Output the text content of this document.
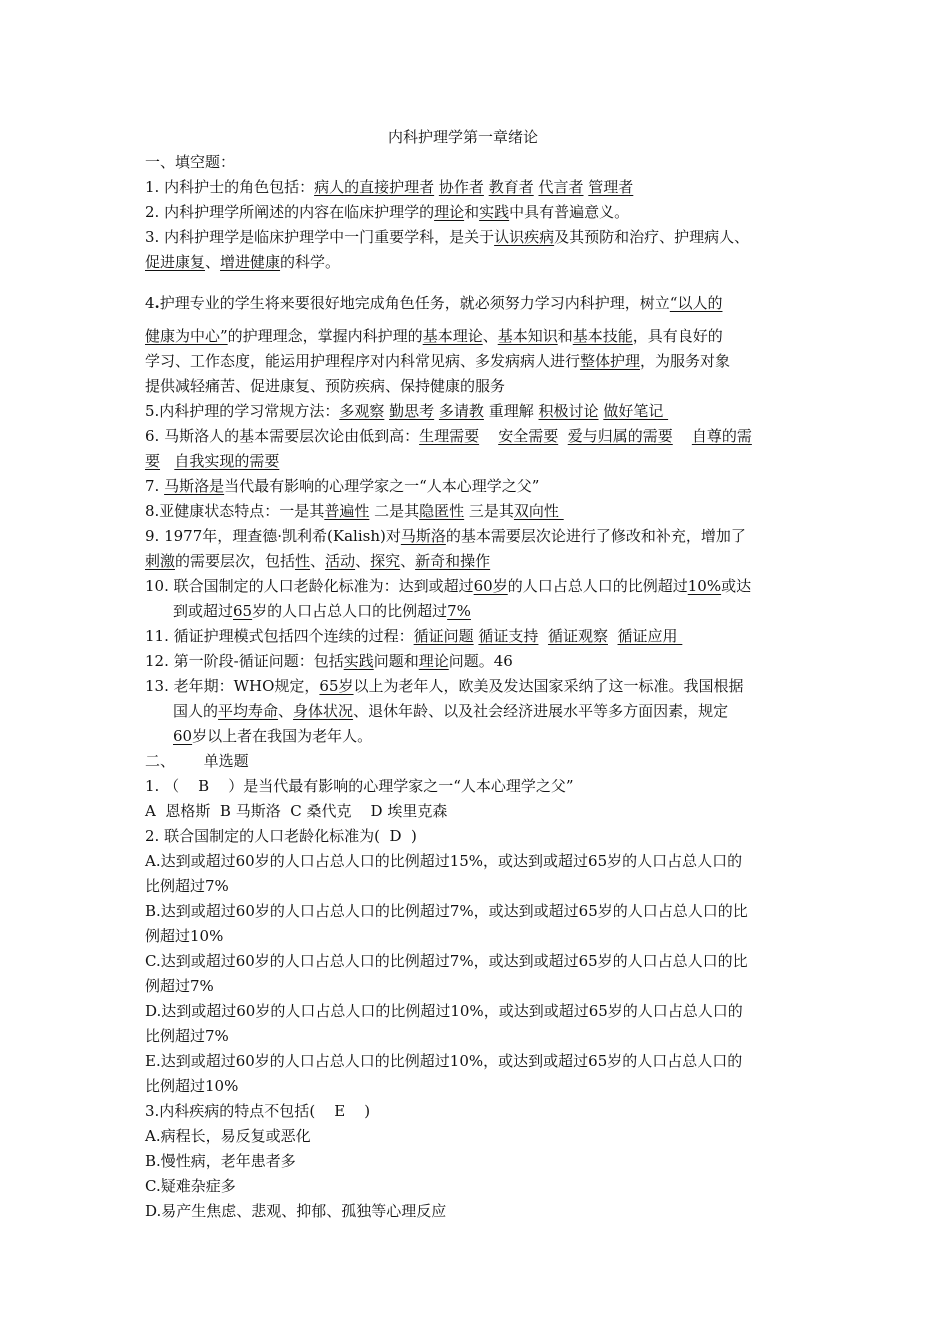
内科护理学第一章绪论
一、填空题：
1. 内科护士的角色包括：病人的直接护理者 协作者 教育者 代言者 管理者
2. 内科护理学所阐述的内容在临床护理学的理论和实践中具有普遍意义。
3. 内科护理学是临床护理学中一门重要学科，是关于认识疾病及其预防和治疗、护理病人、
促进康复、增进健康的科学。
4.护理专业的学生将来要很好地完成角色任务，就必须努力学习内科护理，树立“以人的
健康为中心”的护理理念，掌握内科护理的基本理论、基本知识和基本技能，具有良好的
学习、工作态度，能运用护理程序对内科常见病、多发病病人进行整体护理，为服务对象
提供减轻痛苦、促进康复、预防疾病、保持健康的服务
5.内科护理的学习常规方法：多观察 勤思考 多请教 重理解 积极讨论 做好笔记
6. 马斯洛人的基本需要层次论由低到高：生理需要 安全需要 爱与归属的需要 自尊的需
要 自我实现的需要
7. 马斯洛是当代最有影响的心理学家之一“人本心理学之父”
8.亚健康状态特点：一是其普遍性 二是其隐匿性 三是其双向性
9. 1977年，理查德·凯利希(Kalish)对马斯洛的基本需要层次论进行了修改和补充，增加了
刺激的需要层次，包括性、活动、探究、新奇和操作
10. 联合国制定的人口老龄化标准为：达到或超过60岁的人口占总人口的比例超过10%或达
到或超过65岁的人口占总人口的比例超过7%
11. 循证护理模式包括四个连续的过程：循证问题 循证支持 循证观察 循证应用
12. 第一阶段-循证问题：包括实践问题和理论问题。46
13. 老年期：WHO规定，65岁以上为老年人，欧美及发达国家采纳了这一标准。我国根据
国人的平均寿命、身体状况、退休年龄、以及社会经济进展水平等多方面因素，规定
60岁以上者在我国为老年人。
二、      单选题
1. （    B    ）是当代最有影响的心理学家之一“人本心理学之父”
A  恩格斯  B 马斯洛  C 桑代克    D 埃里克森
2. 联合国制定的人口老龄化标准为(  D  )
A.达到或超过60岁的人口占总人口的比例超过15%，或达到或超过65岁的人口占总人口的
比例超过7%
B.达到或超过60岁的人口占总人口的比例超过7%，或达到或超过65岁的人口占总人口的比
例超过10%
C.达到或超过60岁的人口占总人口的比例超过7%，或达到或超过65岁的人口占总人口的比
例超过7%
D.达到或超过60岁的人口占总人口的比例超过10%，或达到或超过65岁的人口占总人口的
比例超过7%
E.达到或超过60岁的人口占总人口的比例超过10%，或达到或超过65岁的人口占总人口的
比例超过10%
3.内科疾病的特点不包括(    E    )
A.病程长，易反复或恶化
B.慢性病，老年患者多
C.疑难杂症多
D.易产生焦虑、悲观、抑郁、孤独等心理反应
